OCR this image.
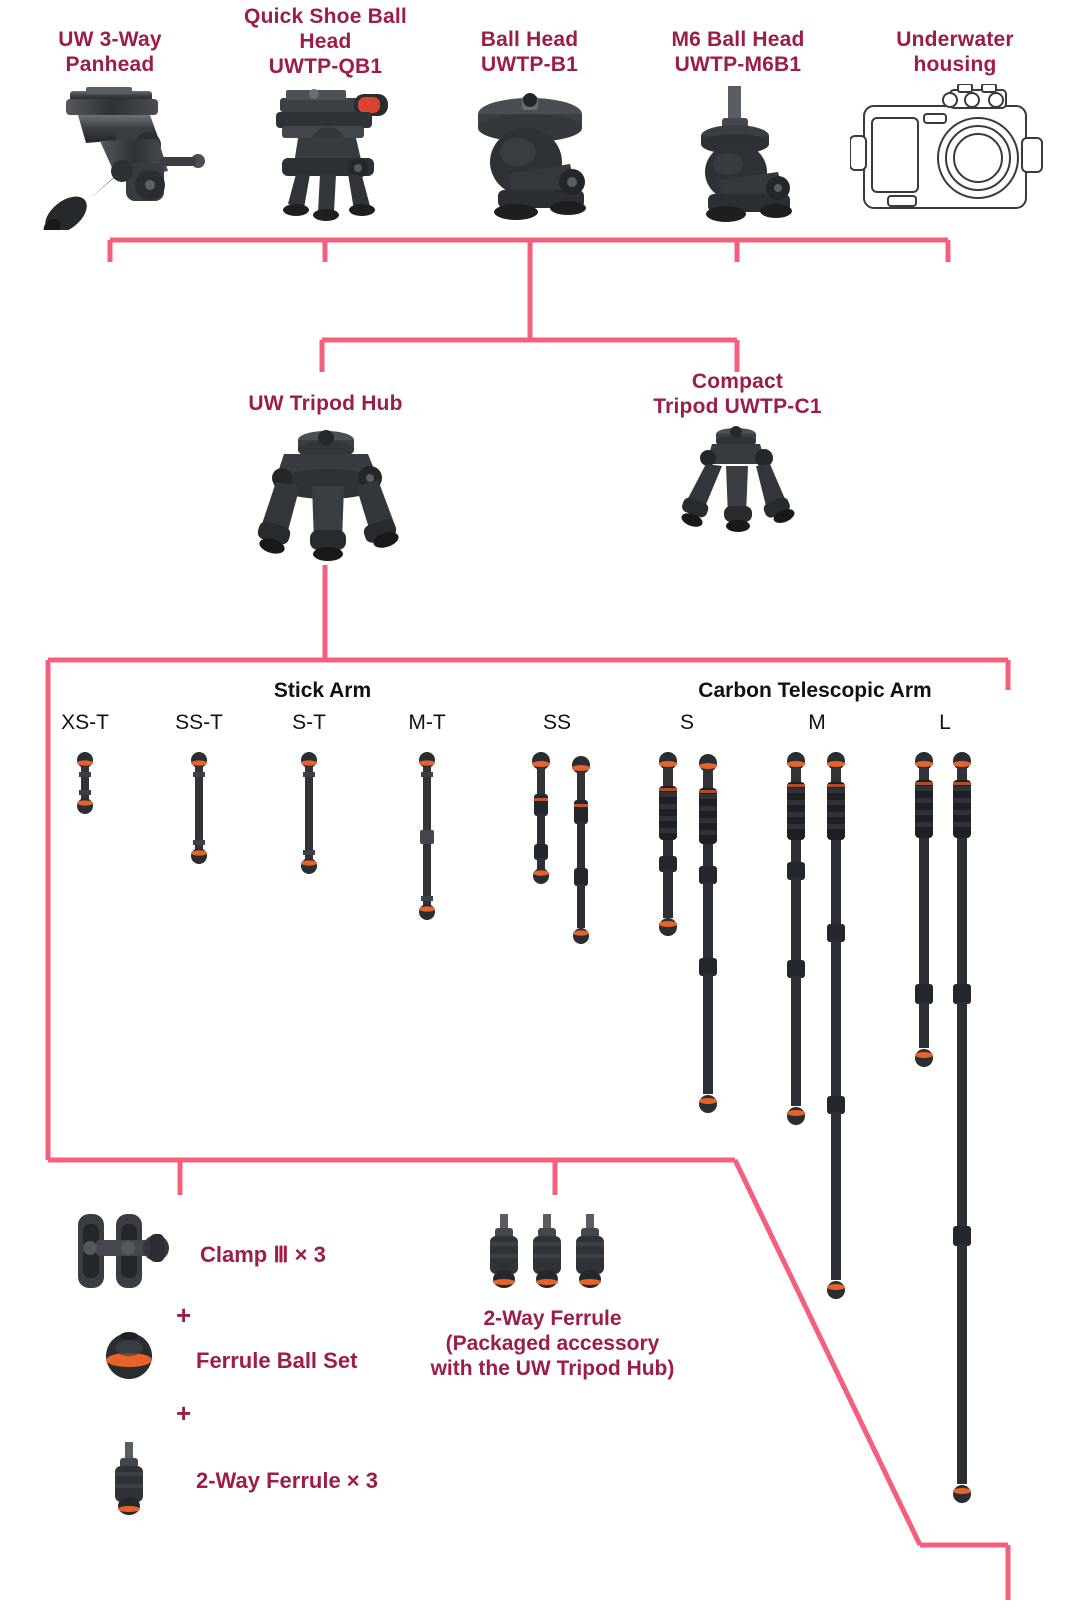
UW 3-Way
Panhead
Quick Shoe Ball
Head
UWTP-QB1
Ball Head
UWTP-B1
M6 Ball Head
UWTP-M6B1
Underwater
housing
UW Tripod Hub
Compact
Tripod UWTP-C1
Stick Arm	Carbon Telescopic Arm
XS-T	SS-T	S-T	M-T	SS	S	M	L
Clamp Ⅲ × 3
+
Ferrule Ball Set
+
2-Way Ferrule × 3
2-Way Ferrule
(Packaged accessory
with the UW Tripod Hub)
